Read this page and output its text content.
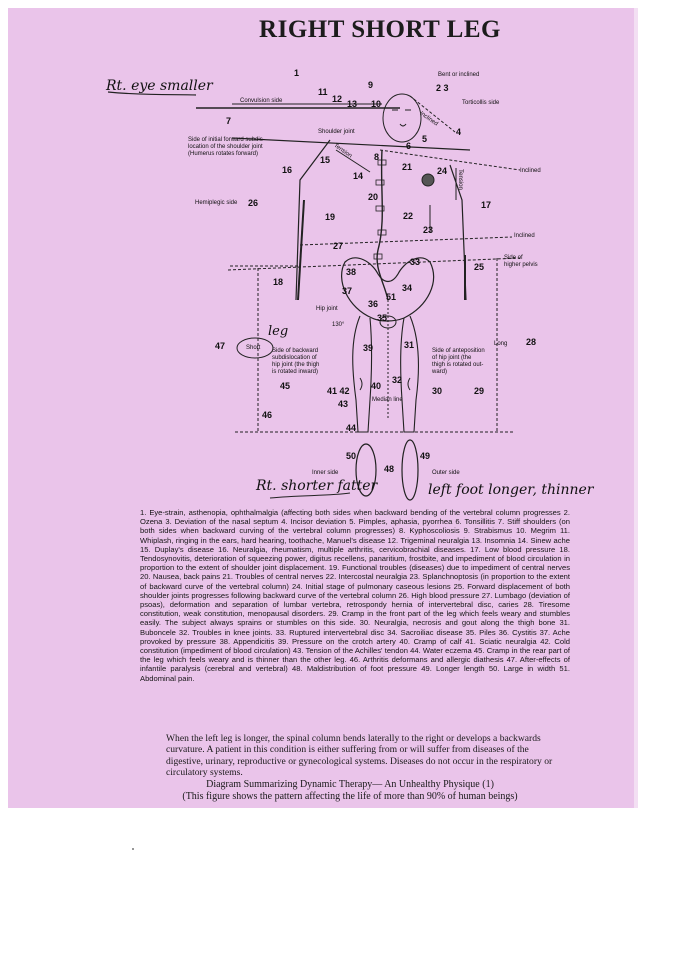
RIGHT SHORT LEG
Rt. eye smaller
Rt. shorter fatter	left foot longer, thinner
leg
Bent or inclined
Convulsion side	Torticollis side
Inclined
Shoulder joint
Side of initial forward subdis-
location of the shoulder joint
(Humerus rotates forward)	Tension
Tension	Inclined
Hemiplegic side
Inclined
Side of
higher pelvis
Hip joint
130°
Short
Long
Side of backward
subdislocation of
hip joint (the thigh
is rotated inward)
Side of anteposition
of hip joint (the
thigh is rotated out-
ward)
Median line
Inner side	Outer side
1
2 3
4
5
6
7
8
9
10
11
12 13
14
15
16
17
18
19
20
21
22
23
24
25
26
27
28
29
30
31
32
33
34
35
36
37
38
39
40
41 42
43
44
45
46
47
48
49
50
51
1. Eye-strain, asthenopia, ophthalmalgia (affecting both sides when backward bending of the vertebral column progresses 2. Ozena 3. Deviation of the nasal septum 4. Incisor deviation 5. Pimples, aphasia, pyorrhea 6. Tonsillitis 7. Stiff shoulders (on both sides when backward curving of the vertebral column progresses) 8. Kyphoscoliosis 9. Strabismus 10. Megrim 11. Whiplash, ringing in the ears, hard hearing, toothache, Manuel's disease 12. Trigeminal neuralgia 13. Insomnia 14. Sinew ache 15. Duplay's disease 16. Neuralgia, rheumatism, multiple arthritis, cervicobrachial diseases. 17. Low blood pressure 18. Tendosynovitis, deterioration of squeezing power, digitus recellens, panaritium, frostbite, and impediment of blood circulation in proportion to the extent of shoulder joint displacement. 19. Functional troubles (diseases) due to impediment of central nerves 20. Nausea, back pains 21. Troubles of central nerves 22. Intercostal neuralgia 23. Splanchnoptosis (in proportion to the extent of backward curve of the vertebral column) 24. Initial stage of pulmonary caseous lesions 25. Forward displacement of both shoulder joints progresses following backward curve of the vertebral column 26. High blood pressure 27. Lumbago (deviation of psoas), deformation and separation of lumbar vertebra, retrospondy hernia of intervertebral disc, caries 28. Tiresome constitution, weak constitution, menopausal disorders. 29. Cramp in the front part of the leg which feels weary and stumbles easily. The subject always sprains or stumbles on this side. 30. Neuralgia, necrosis and gout along the thigh bone 31. Buboncele 32. Troubles in knee joints. 33. Ruptured intervertebral disc 34. Sacroiliac disease 35. Piles 36. Cystitis 37. Ache provoked by pressure 38. Appendicitis 39. Pressure on the crotch artery 40. Cramp of calf 41. Sciatic neuralgia 42. Cold constitution (impediment of blood circulation) 43. Tension of the Achilles' tendon 44. Water eczema 45. Cramp in the rear part of the leg which feels weary and is thinner than the other leg. 46. Arthritis deformans and allergic diathesis 47. After-effects of infantile paralysis (cerebral and vertebral) 48. Maldistribution of foot pressure 49. Longer length 50. Large in width 51. Abdominal pain.
When the left leg is longer, the spinal column bends laterally to the right or develops a backwards curvature. A patient in this condition is either suffering from or will suffer from diseases of the digestive, urinary, reproductive or gynecological systems. Diseases do not occur in the respiratory or circulatory systems.
Diagram Summarizing Dynamic Therapy— An Unhealthy Physique (1)
(This figure shows the pattern affecting the life of more than 90% of human beings)
